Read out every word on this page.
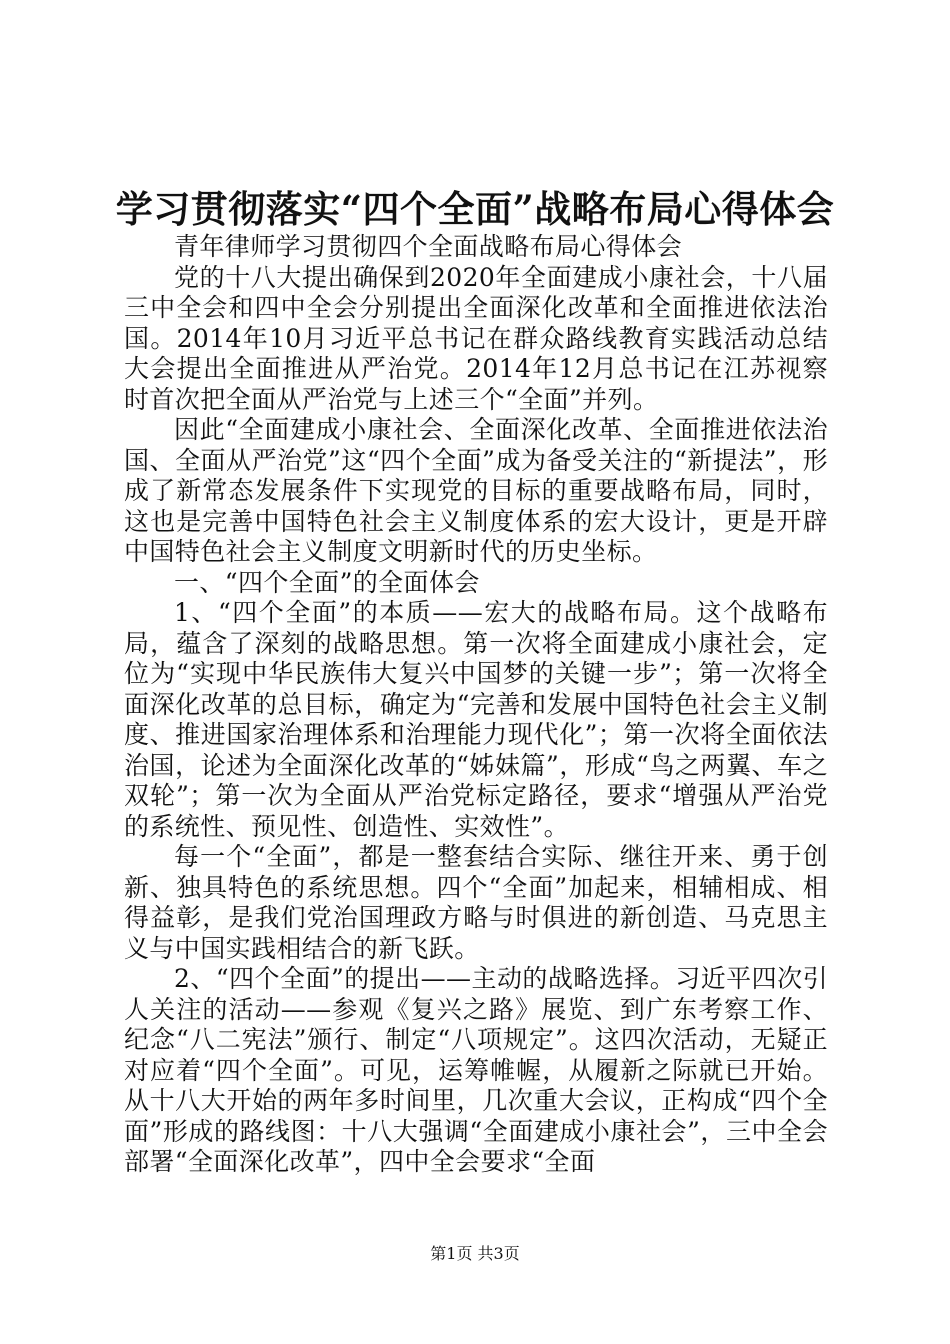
学习贯彻落实“四个全面”战略布局心得体会

青年律师学习贯彻四个全面战略布局心得体会

党的十八大提出确保到2020年全面建成小康社会，十八届三中全会和四中全会分别提出全面深化改革和全面推进依法治国。2014年10月习近平总书记在群众路线教育实践活动总结大会提出全面推进从严治党。2014年12月总书记在江苏视察时首次把全面从严治党与上述三个“全面”并列。

因此“全面建成小康社会、全面深化改革、全面推进依法治国、全面从严治党”这“四个全面”成为备受关注的“新提法”，形成了新常态发展条件下实现党的目标的重要战略布局，同时，这也是完善中国特色社会主义制度体系的宏大设计，更是开辟中国特色社会主义制度文明新时代的历史坐标。

一、“四个全面”的全面体会

1、“四个全面”的本质——宏大的战略布局。这个战略布局，蕴含了深刻的战略思想。第一次将全面建成小康社会，定位为“实现中华民族伟大复兴中国梦的关键一步”；第一次将全面深化改革的总目标，确定为“完善和发展中国特色社会主义制度、推进国家治理体系和治理能力现代化”；第一次将全面依法治国，论述为全面深化改革的“姊妹篇”，形成“鸟之两翼、车之双轮”；第一次为全面从严治党标定路径，要求“增强从严治党的系统性、预见性、创造性、实效性”。

每一个“全面”，都是一整套结合实际、继往开来、勇于创新、独具特色的系统思想。四个“全面”加起来，相辅相成、相得益彰，是我们党治国理政方略与时俱进的新创造、马克思主义与中国实践相结合的新飞跃。

2、“四个全面”的提出——主动的战略选择。习近平四次引人关注的活动——参观《复兴之路》展览、到广东考察工作、纪念“八二宪法”颁行、制定“八项规定”。这四次活动，无疑正对应着“四个全面”。可见，运筹帷幄，从履新之际就已开始。从十八大开始的两年多时间里，几次重大会议，正构成“四个全面”形成的路线图：十八大强调“全面建成小康社会”，三中全会部署“全面深化改革”，四中全会要求“全面

第1页 共3页
